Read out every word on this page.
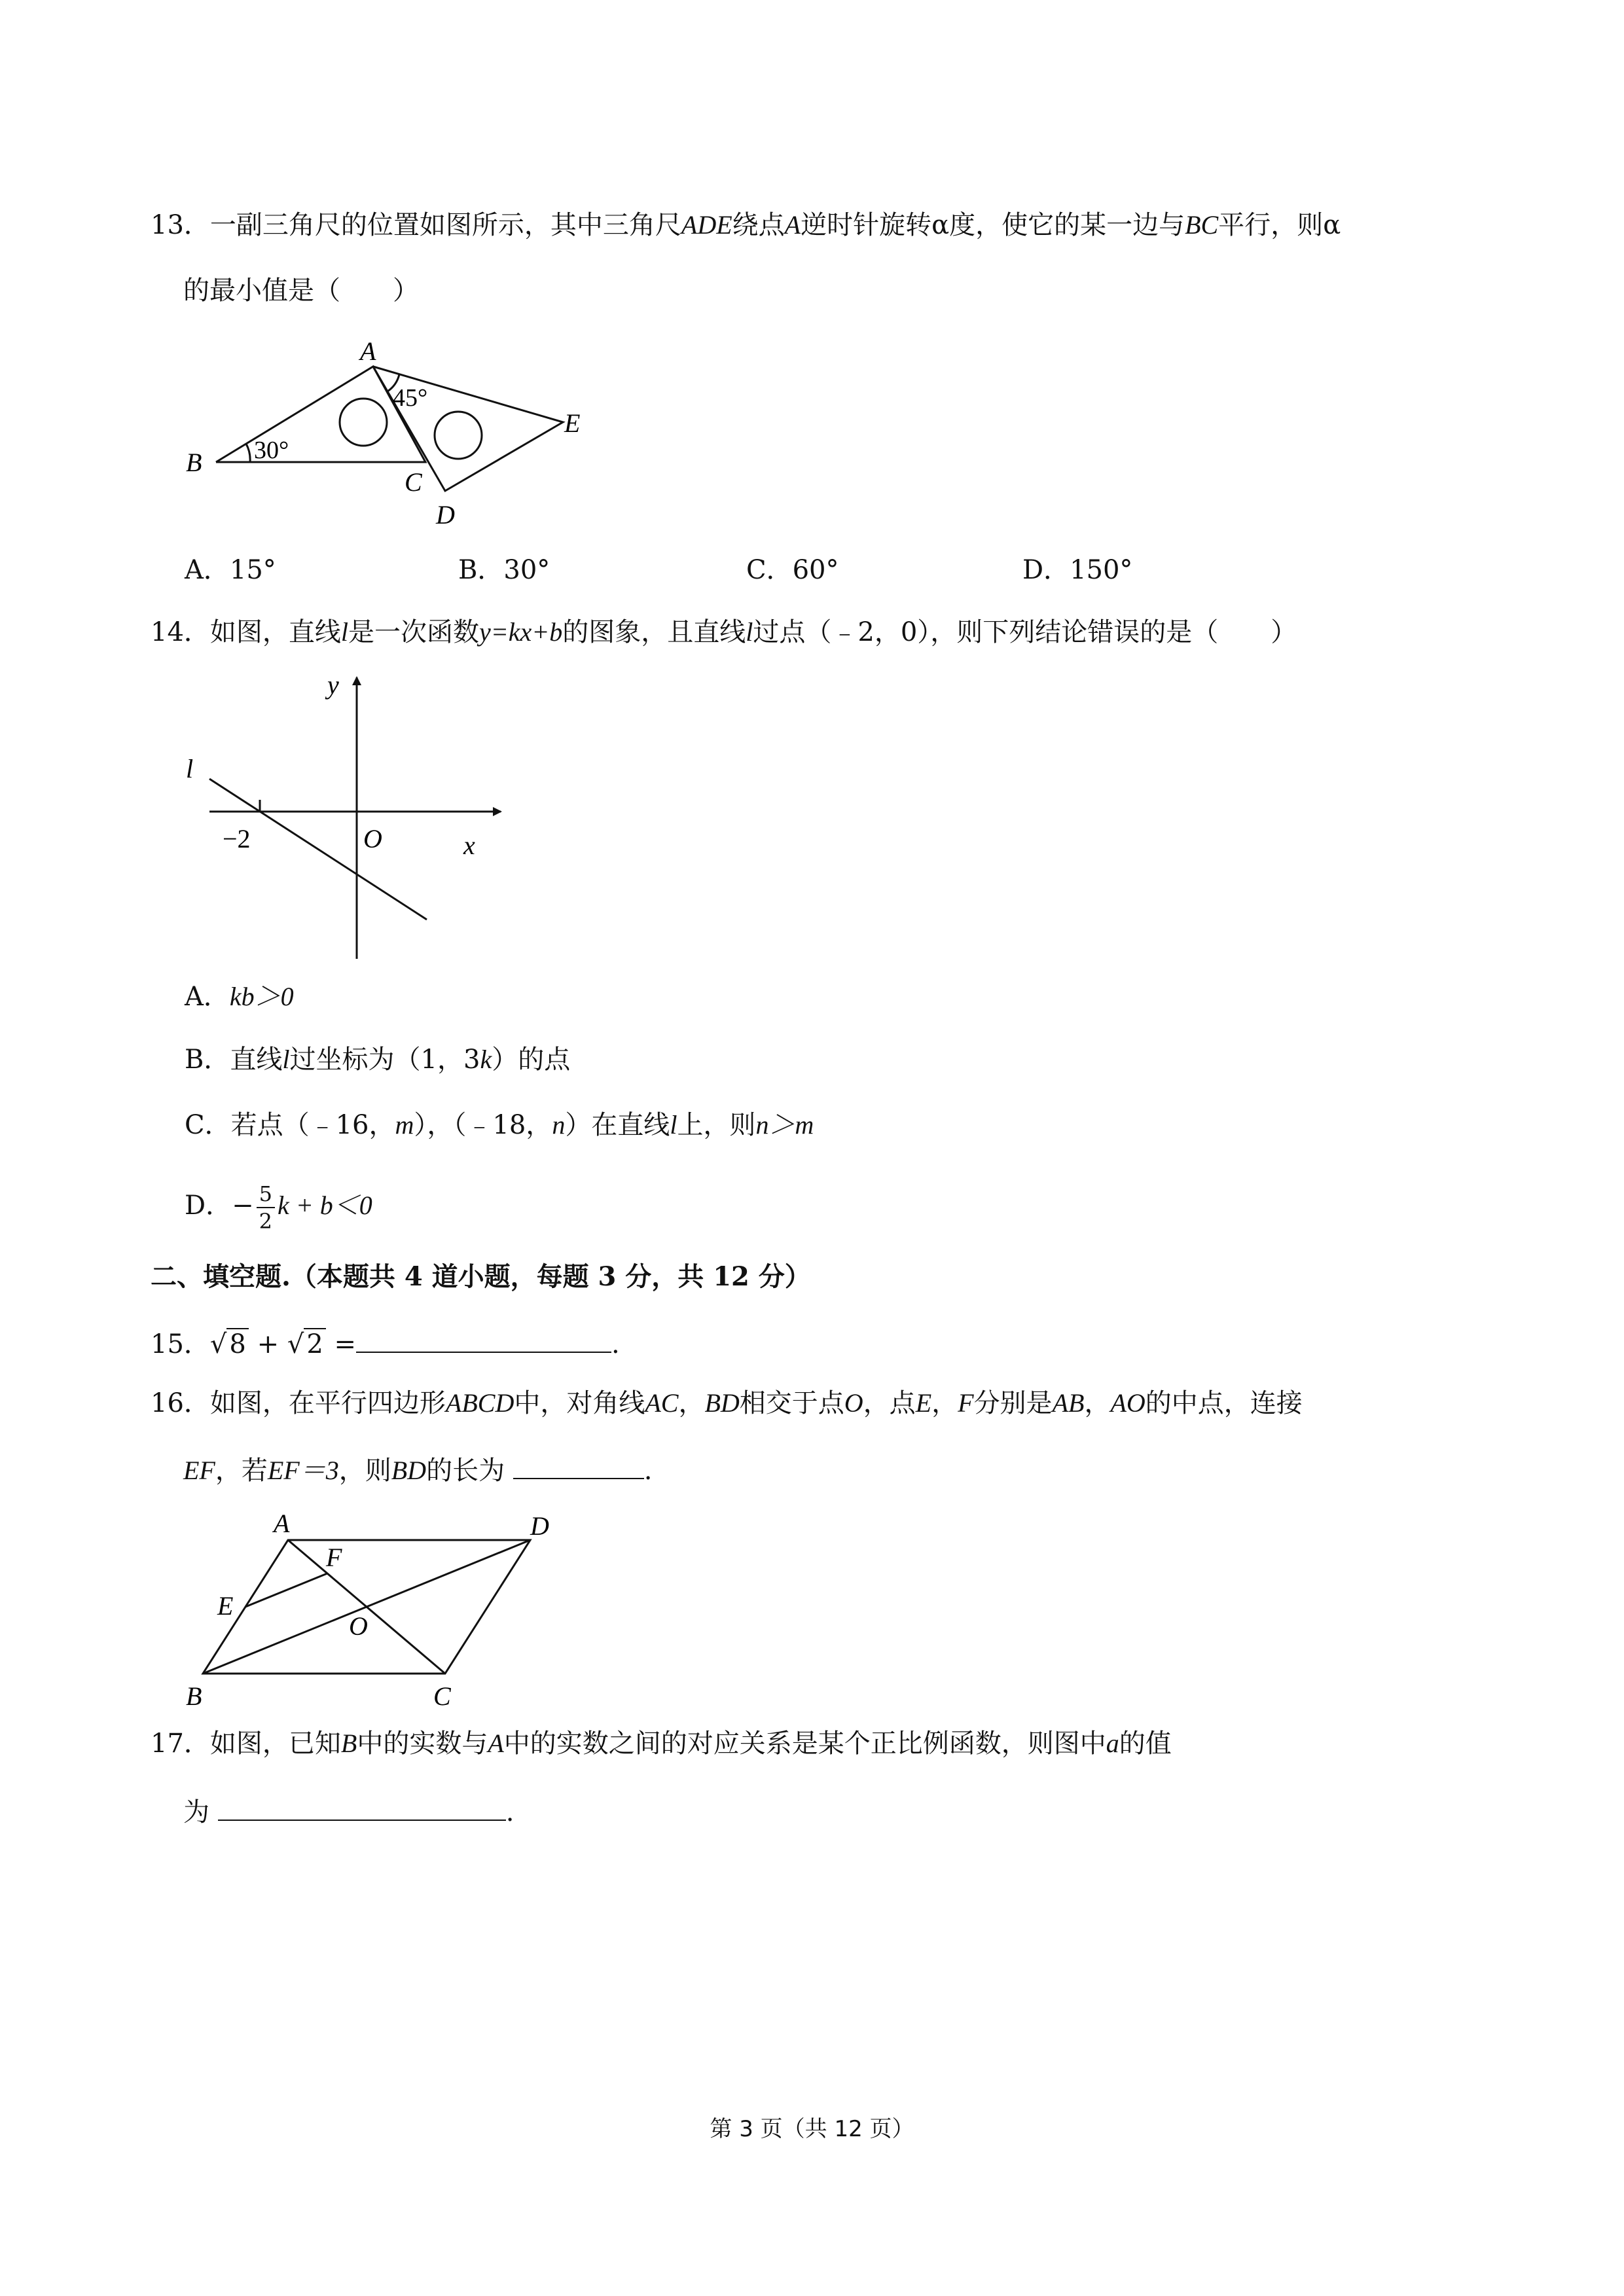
13．一副三角尺的位置如图所示，其中三角尺ADE绕点A逆时针旋转α度，使它的某一边与BC平行，则α
的最小值是（　　）
A
B
C
D
E
30°
45°
A．15°	B．30°	C．60°	D．150°
14．如图，直线l是一次函数y=kx+b的图象，且直线l过点（﹣2，0），则下列结论错误的是（　　）
y
x
O
l
−2
A．kb＞0
B．直线l过坐标为（1，3k）的点
C．若点（﹣16，m），（﹣18，n）在直线l上，则n＞m
D．− $\frac{5}{2}$ k + b＜0
二、填空题.（本题共 4 道小题，每题 3 分，共 12 分）
15．√ 8 + √ 2 =	.
16．如图，在平行四边形ABCD中，对角线AC，BD相交于点O，点E，F分别是AB，AO的中点，连接
EF，若EF＝3，则BD的长为	.
A	D
E
F
O
B	C
17．如图，已知B中的实数与A中的实数之间的对应关系是某个正比例函数，则图中a的值
为	.
第 3 页（共 12 页）
